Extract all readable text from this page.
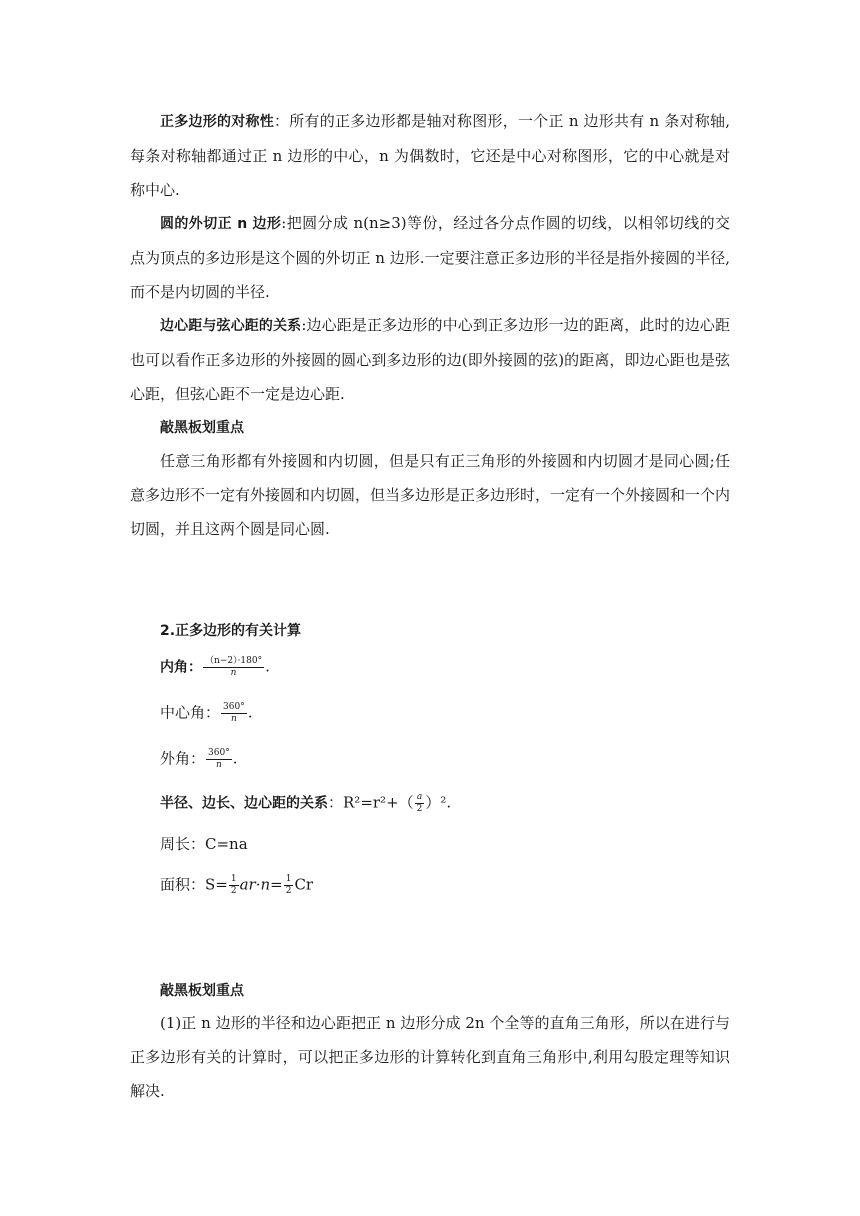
正多边形的对称性：所有的正多边形都是轴对称图形，一个正 n 边形共有 n 条对称轴,每条对称轴都通过正 n 边形的中心，n 为偶数时，它还是中心对称图形，它的中心就是对称中心.

圆的外切正 n 边形:把圆分成 n(n≥3)等份，经过各分点作圆的切线，以相邻切线的交点为顶点的多边形是这个圆的外切正 n 边形.一定要注意正多边形的半径是指外接圆的半径,而不是内切圆的半径.

边心距与弦心距的关系:边心距是正多边形的中心到正多边形一边的距离，此时的边心距也可以看作正多边形的外接圆的圆心到多边形的边(即外接圆的弦)的距离，即边心距也是弦心距，但弦心距不一定是边心距.

敲黑板划重点

任意三角形都有外接圆和内切圆，但是只有正三角形的外接圆和内切圆才是同心圆;任意多边形不一定有外接圆和内切圆，但当多边形是正多边形时，一定有一个外接圆和一个内切圆，并且这两个圆是同心圆.

2.正多边形的有关计算

内角： $\frac{(n-2)\cdot 180^\circ}{n}$ .

中心角： $\frac{360^\circ}{n}$ .

外角： $\frac{360^\circ}{n}$ .

半径、边长、边心距的关系：$R^2=r^2+( \frac{a}{2} )^2$.

周长：C=na

面积：$S= \frac{1}{2} ar\cdot n= \frac{1}{2}$ Cr

敲黑板划重点

(1)正 n 边形的半径和边心距把正 n 边形分成 2n 个全等的直角三角形，所以在进行与正多边形有关的计算时，可以把正多边形的计算转化到直角三角形中,利用勾股定理等知识解决.
